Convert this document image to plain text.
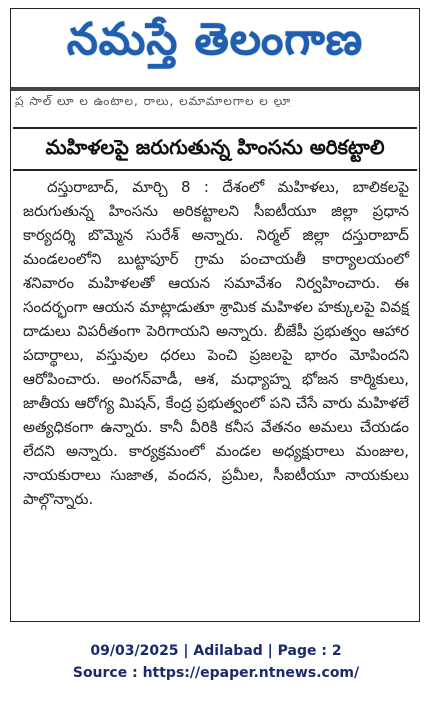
నమస్తే తెలంగాణ
ప్ర సాల్ లూ ల ఉంటాల, రాలు, లమామాలగాల ల ల్గ్లూ
మహిళలపై జరుగుతున్న హింసను అరికట్టాలి
దస్తురాబాద్, మార్చి 8 : దేశంలో మహిళలు, బాలికలపై జరుగుతున్న హింసను అరికట్టాలని సీఐటీయూ జిల్లా ప్రధాన కార్యదర్శి బొమ్మెన సురేశ్ అన్నారు. నిర్మల్ జిల్లా దస్తురాబాద్ మండలంలోని బుట్టాపూర్ గ్రామ పంచాయతీ కార్యాలయంలో శనివారం మహిళలతో ఆయన సమావేశం నిర్వహించారు. ఈ సందర్భంగా ఆయన మాట్లాడుతూ శ్రామిక మహిళల హక్కులపై వివక్ష దాడులు విపరీతంగా పెరిగాయని అన్నారు. బీజేపీ ప్రభుత్వం ఆహార పదార్థాలు, వస్తువుల ధరలు పెంచి ప్రజలపై భారం మోపిందని ఆరోపించారు. అంగన్‌వాడీ, ఆశ, మధ్యాహ్న భోజన కార్మికులు, జాతీయ ఆరోగ్య మిషన్, కేంద్ర ప్రభుత్వంలో పని చేసే వారు మహిళలే అత్యధికంగా ఉన్నారు. కానీ వీరికి కనీస వేతనం అమలు చేయడం లేదని అన్నారు. కార్యక్రమంలో మండల అధ్యక్షురాలు మంజుల, నాయకురాలు సుజాత, వందన, ప్రమీల, సీఐటీయూ నాయకులు పాల్గొన్నారు.
09/03/2025 | Adilabad | Page : 2
Source : https://epaper.ntnews.com/
